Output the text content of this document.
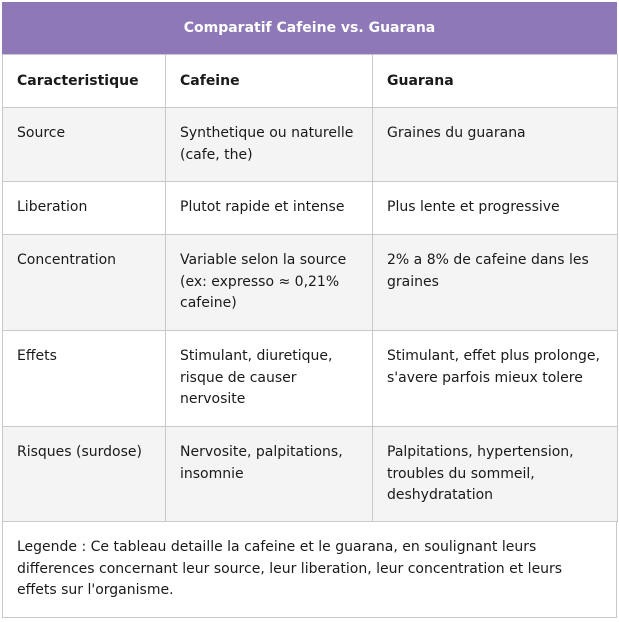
Comparatif Cafeine vs. Guarana
Caracteristique	Cafeine	Guarana
Source	Synthetique ou naturelle (cafe, the)	Graines du guarana
Liberation	Plutot rapide et intense	Plus lente et progressive
Concentration	Variable selon la source (ex: expresso ≈ 0,21% cafeine)	2% a 8% de cafeine dans les graines
Effets	Stimulant, diuretique, risque de causer nervosite	Stimulant, effet plus prolonge, s'avere parfois mieux tolere
Risques (surdose)	Nervosite, palpitations, insomnie	Palpitations, hypertension, troubles du sommeil, deshydratation
Legende : Ce tableau detaille la cafeine et le guarana, en soulignant leurs differences concernant leur source, leur liberation, leur concentration et leurs effets sur l'organisme.
